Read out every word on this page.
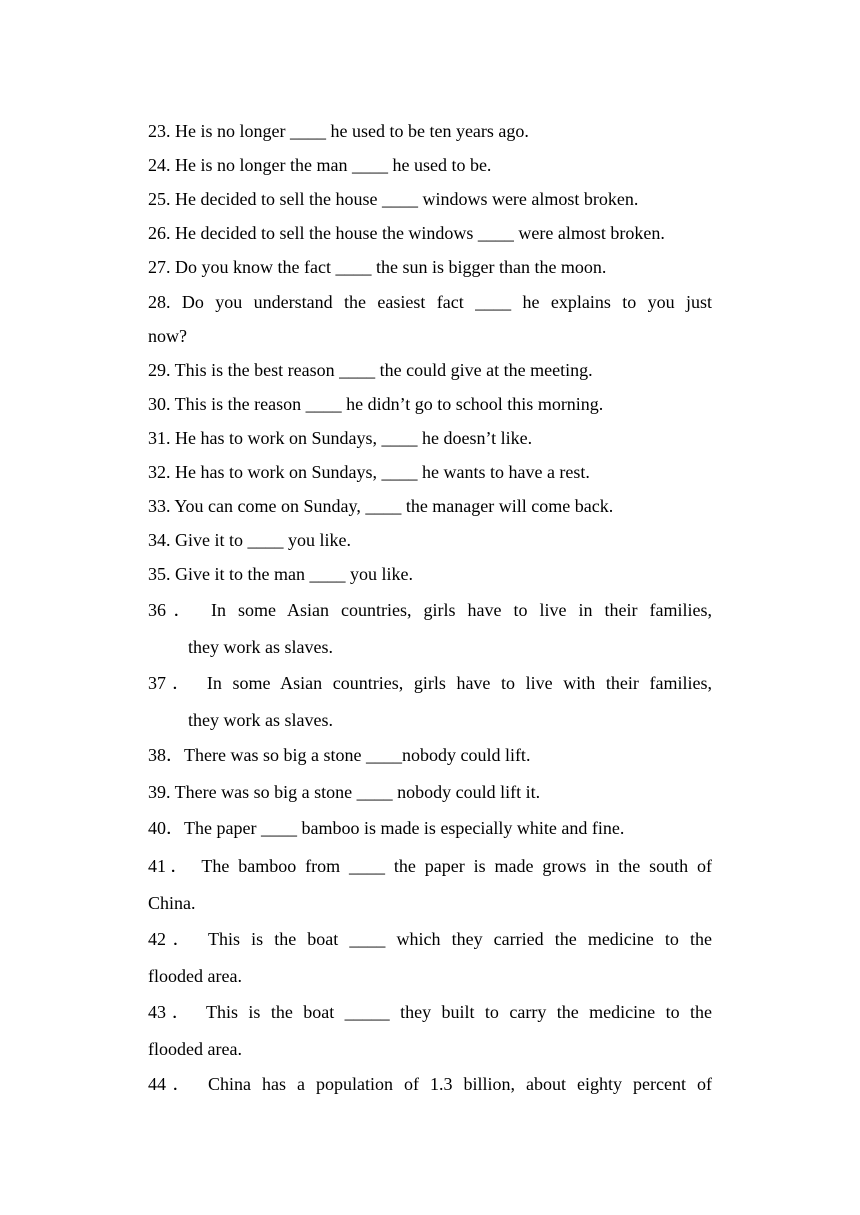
23. He is no longer ____ he used to be ten years ago.
24. He is no longer the man ____ he used to be.
25. He decided to sell the house ____ windows were almost broken.
26. He decided to sell the house the windows ____ were almost broken.
27. Do you know the fact ____ the sun is bigger than the moon.
28. Do you understand the easiest fact ____ he explains to you just
now?
29. This is the best reason ____ the could give at the meeting.
30. This is the reason ____ he didn’t go to school this morning.
31. He has to work on Sundays, ____ he doesn’t like.
32. He has to work on Sundays, ____ he wants to have a rest.
33. You can come on Sunday, ____ the manager will come back.
34. Give it to ____ you like.
35. Give it to the man ____ you like.
36． In some Asian countries, girls have to live in their families,
they work as slaves.
37． In some Asian countries, girls have to live with their families,
they work as slaves.
38．There was so big a stone ____nobody could lift.
39. There was so big a stone ____ nobody could lift it.
40．The paper ____ bamboo is made is especially white and fine.
41． The bamboo from ____ the paper is made grows in the south of
China.
42． This is the boat ____ which they carried the medicine to the
flooded area.
43． This is the boat _____ they built to carry the medicine to the
flooded area.
44． China has a population of 1.3 billion, about eighty percent of
